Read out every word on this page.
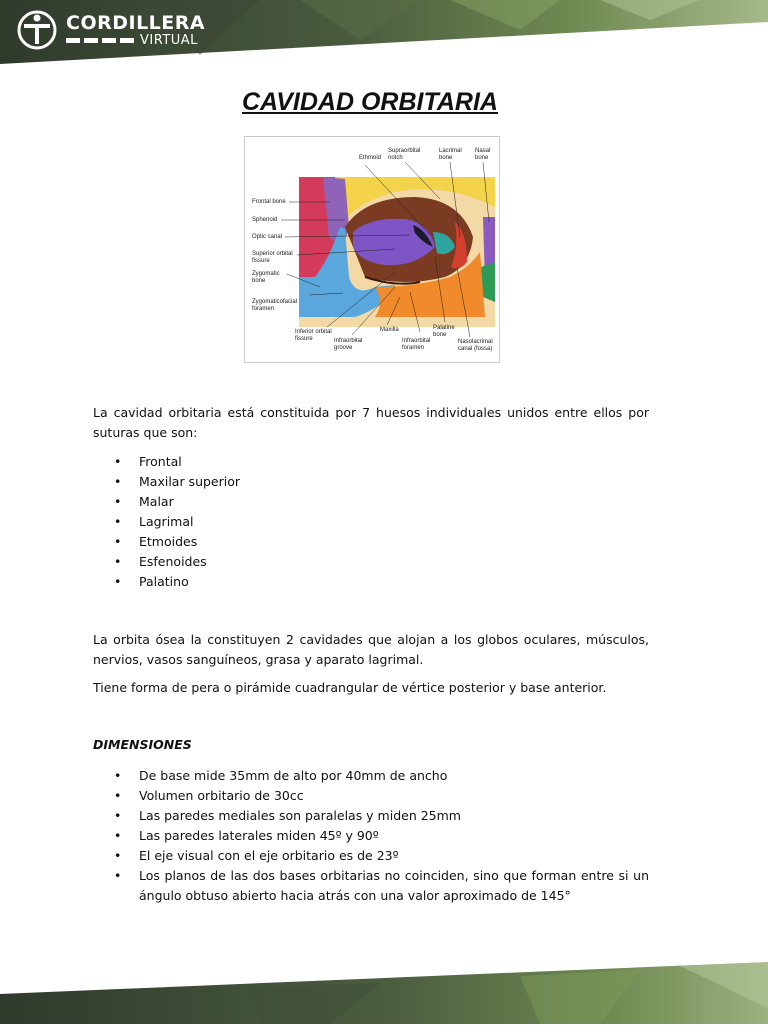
CORDILLERA
VIRTUAL
CAVIDAD ORBITARIA
Ethmoid
Supraorbital
notch
Lacrimal
bone
Nasal
bone
Frontal bone
Sphenoid
Optic canal
Superior orbital
fissure
Zygomatic
bone
Zygomaticofacial
foramen
Inferior orbital
fissure	Infraorbital
groove
Maxilla
Infraorbital
foramen
Palatine
bone
Nasolacrimal
canal (fossa)
La cavidad orbitaria está constituida por 7 huesos individuales unidos entre ellos por suturas que son:
• Frontal
• Maxilar superior
• Malar
• Lagrimal
• Etmoides
• Esfenoides
• Palatino
La orbita ósea la constituyen 2 cavidades que alojan a los globos oculares, músculos, nervios, vasos sanguíneos, grasa y aparato lagrimal.
Tiene forma de pera o pirámide cuadrangular de vértice posterior y base anterior.
DIMENSIONES
• De base mide 35mm de alto por 40mm de ancho
• Volumen orbitario de 30cc
• Las paredes mediales son paralelas y miden 25mm
• Las paredes laterales miden 45º y 90º
• El eje visual con el eje orbitario es de 23º
• Los planos de las dos bases orbitarias no coinciden, sino que forman entre si un ángulo obtuso abierto hacia atrás con una valor aproximado de 145°
